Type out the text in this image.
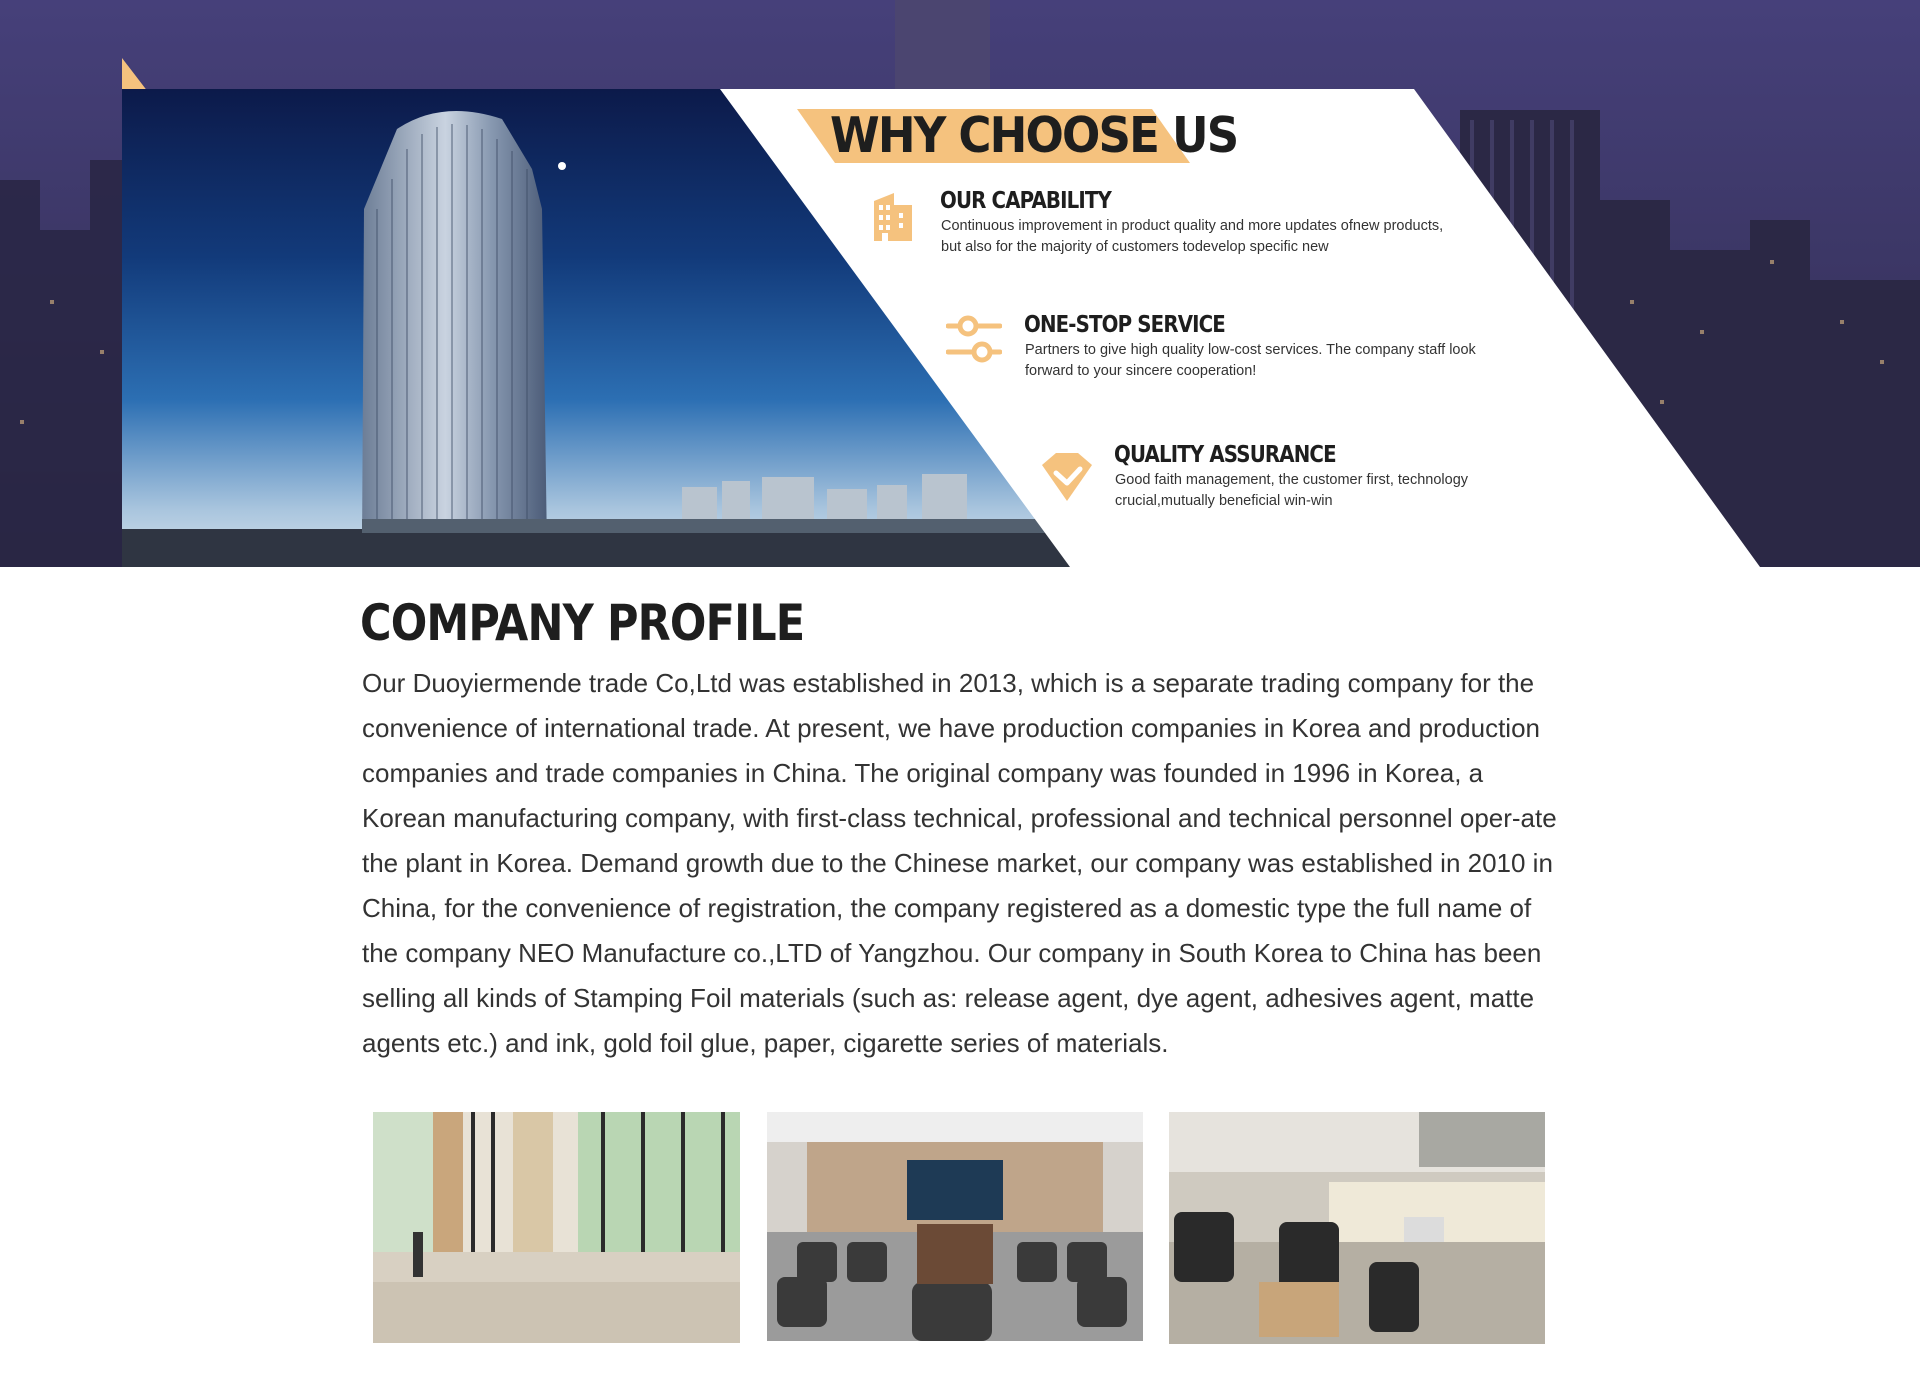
WHY CHOOSE US
OUR CAPABILITY
Continuous improvement in product quality and more updates ofnew products, but also for the majority of customers todevelop specific new
ONE-STOP SERVICE
Partners to give high quality low-cost services. The company staff look forward to your sincere cooperation!
QUALITY ASSURANCE
Good faith management, the customer first, technology crucial,mutually beneficial win-win
COMPANY PROFILE
Our Duoyiermende trade Co,Ltd was established in 2013, which is a separate trading company for the convenience of international trade. At present, we have production companies in Korea and production companies and trade companies in China. The original company was founded in 1996 in Korea, a Korean manufacturing company, with first-class technical, professional and technical personnel oper-ate the plant in Korea. Demand growth due to the Chinese market, our company was established in 2010 in China, for the convenience of registration, the company registered as a domestic type the full name of the company NEO Manufacture co.,LTD of Yangzhou. Our company in South Korea to China has been selling all kinds of Stamping Foil materials (such as: release agent, dye agent, adhesives agent, matte agents etc.) and ink, gold foil glue, paper, cigarette series of materials.
